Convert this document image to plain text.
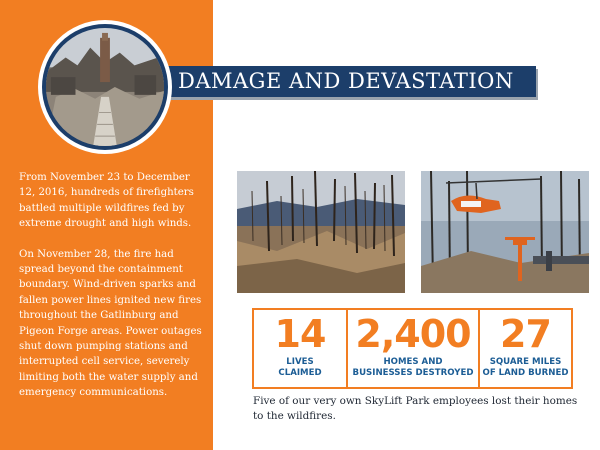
From November 23 to December 12, 2016, hundreds of firefighters battled multiple wildfires fed by extreme drought and high winds.

On November 28, the fire had spread beyond the containment boundary. Wind-driven sparks and fallen power lines ignited new fires throughout the Gatlinburg and Pigeon Forge areas. Power outages shut down pumping stations and interrupted cell service, severely limiting both the water supply and emergency communications.

DAMAGE AND DEVASTATION
14
LIVES
CLAIMED
2,400
HOMES AND
BUSINESSES DESTROYED
27
SQUARE MILES
OF LAND BURNED
Five of our very own SkyLift Park employees lost their homes to the wildfires.
